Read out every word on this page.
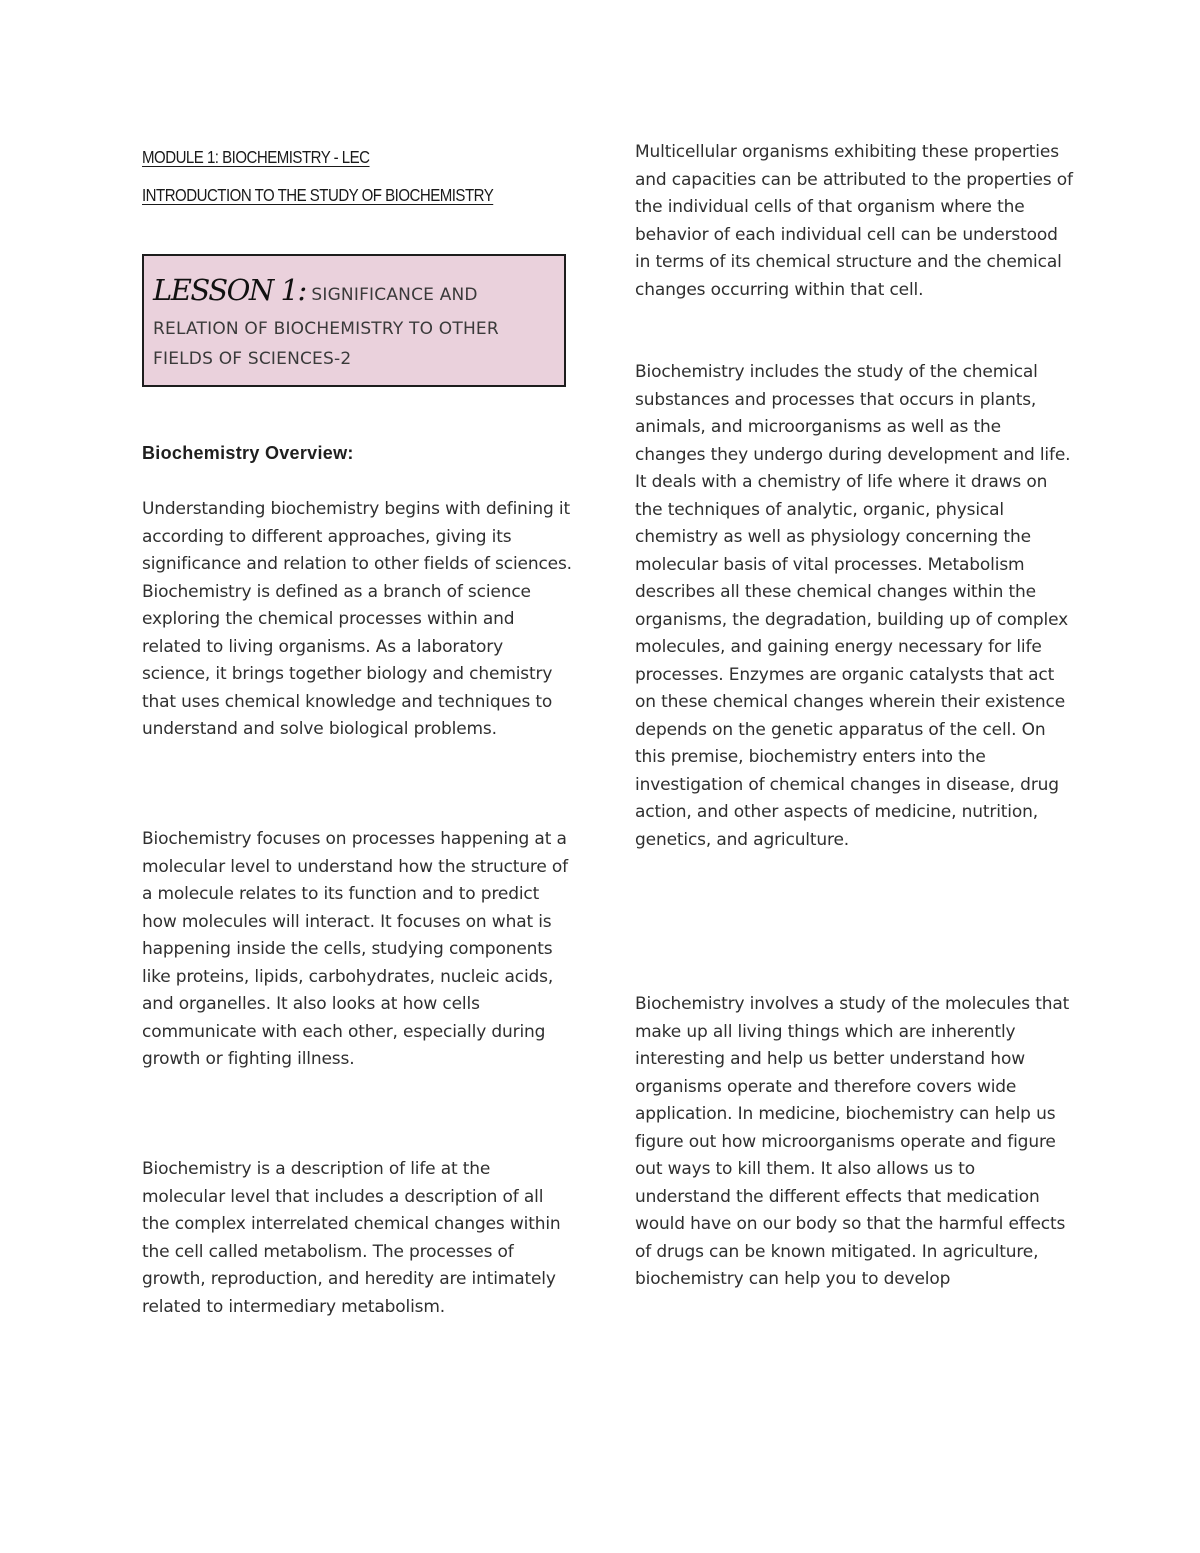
MODULE 1: BIOCHEMISTRY - LEC

INTRODUCTION TO THE STUDY OF BIOCHEMISTRY

LESSON 1: SIGNIFICANCE AND
RELATION OF BIOCHEMISTRY TO OTHER
FIELDS OF SCIENCES-2

Biochemistry Overview:

Understanding biochemistry begins with defining it according to different approaches, giving its significance and relation to other fields of sciences. Biochemistry is defined as a branch of science exploring the chemical processes within and related to living organisms. As a laboratory science, it brings together biology and chemistry that uses chemical knowledge and techniques to understand and solve biological problems.

Biochemistry focuses on processes happening at a molecular level to understand how the structure of a molecule relates to its function and to predict how molecules will interact. It focuses on what is happening inside the cells, studying components like proteins, lipids, carbohydrates, nucleic acids, and organelles. It also looks at how cells communicate with each other, especially during growth or fighting illness.

Biochemistry is a description of life at the molecular level that includes a description of all the complex interrelated chemical changes within the cell called metabolism. The processes of growth, reproduction, and heredity are intimately related to intermediary metabolism.

Multicellular organisms exhibiting these properties and capacities can be attributed to the properties of the individual cells of that organism where the behavior of each individual cell can be understood in terms of its chemical structure and the chemical changes occurring within that cell.

Biochemistry includes the study of the chemical substances and processes that occurs in plants, animals, and microorganisms as well as the changes they undergo during development and life. It deals with a chemistry of life where it draws on the techniques of analytic, organic, physical chemistry as well as physiology concerning the molecular basis of vital processes. Metabolism describes all these chemical changes within the organisms, the degradation, building up of complex molecules, and gaining energy necessary for life processes. Enzymes are organic catalysts that act on these chemical changes wherein their existence depends on the genetic apparatus of the cell. On this premise, biochemistry enters into the investigation of chemical changes in disease, drug action, and other aspects of medicine, nutrition, genetics, and agriculture.

Biochemistry involves a study of the molecules that make up all living things which are inherently interesting and help us better understand how organisms operate and therefore covers wide application. In medicine, biochemistry can help us figure out how microorganisms operate and figure out ways to kill them. It also allows us to understand the different effects that medication would have on our body so that the harmful effects of drugs can be known mitigated. In agriculture, biochemistry can help you to develop
